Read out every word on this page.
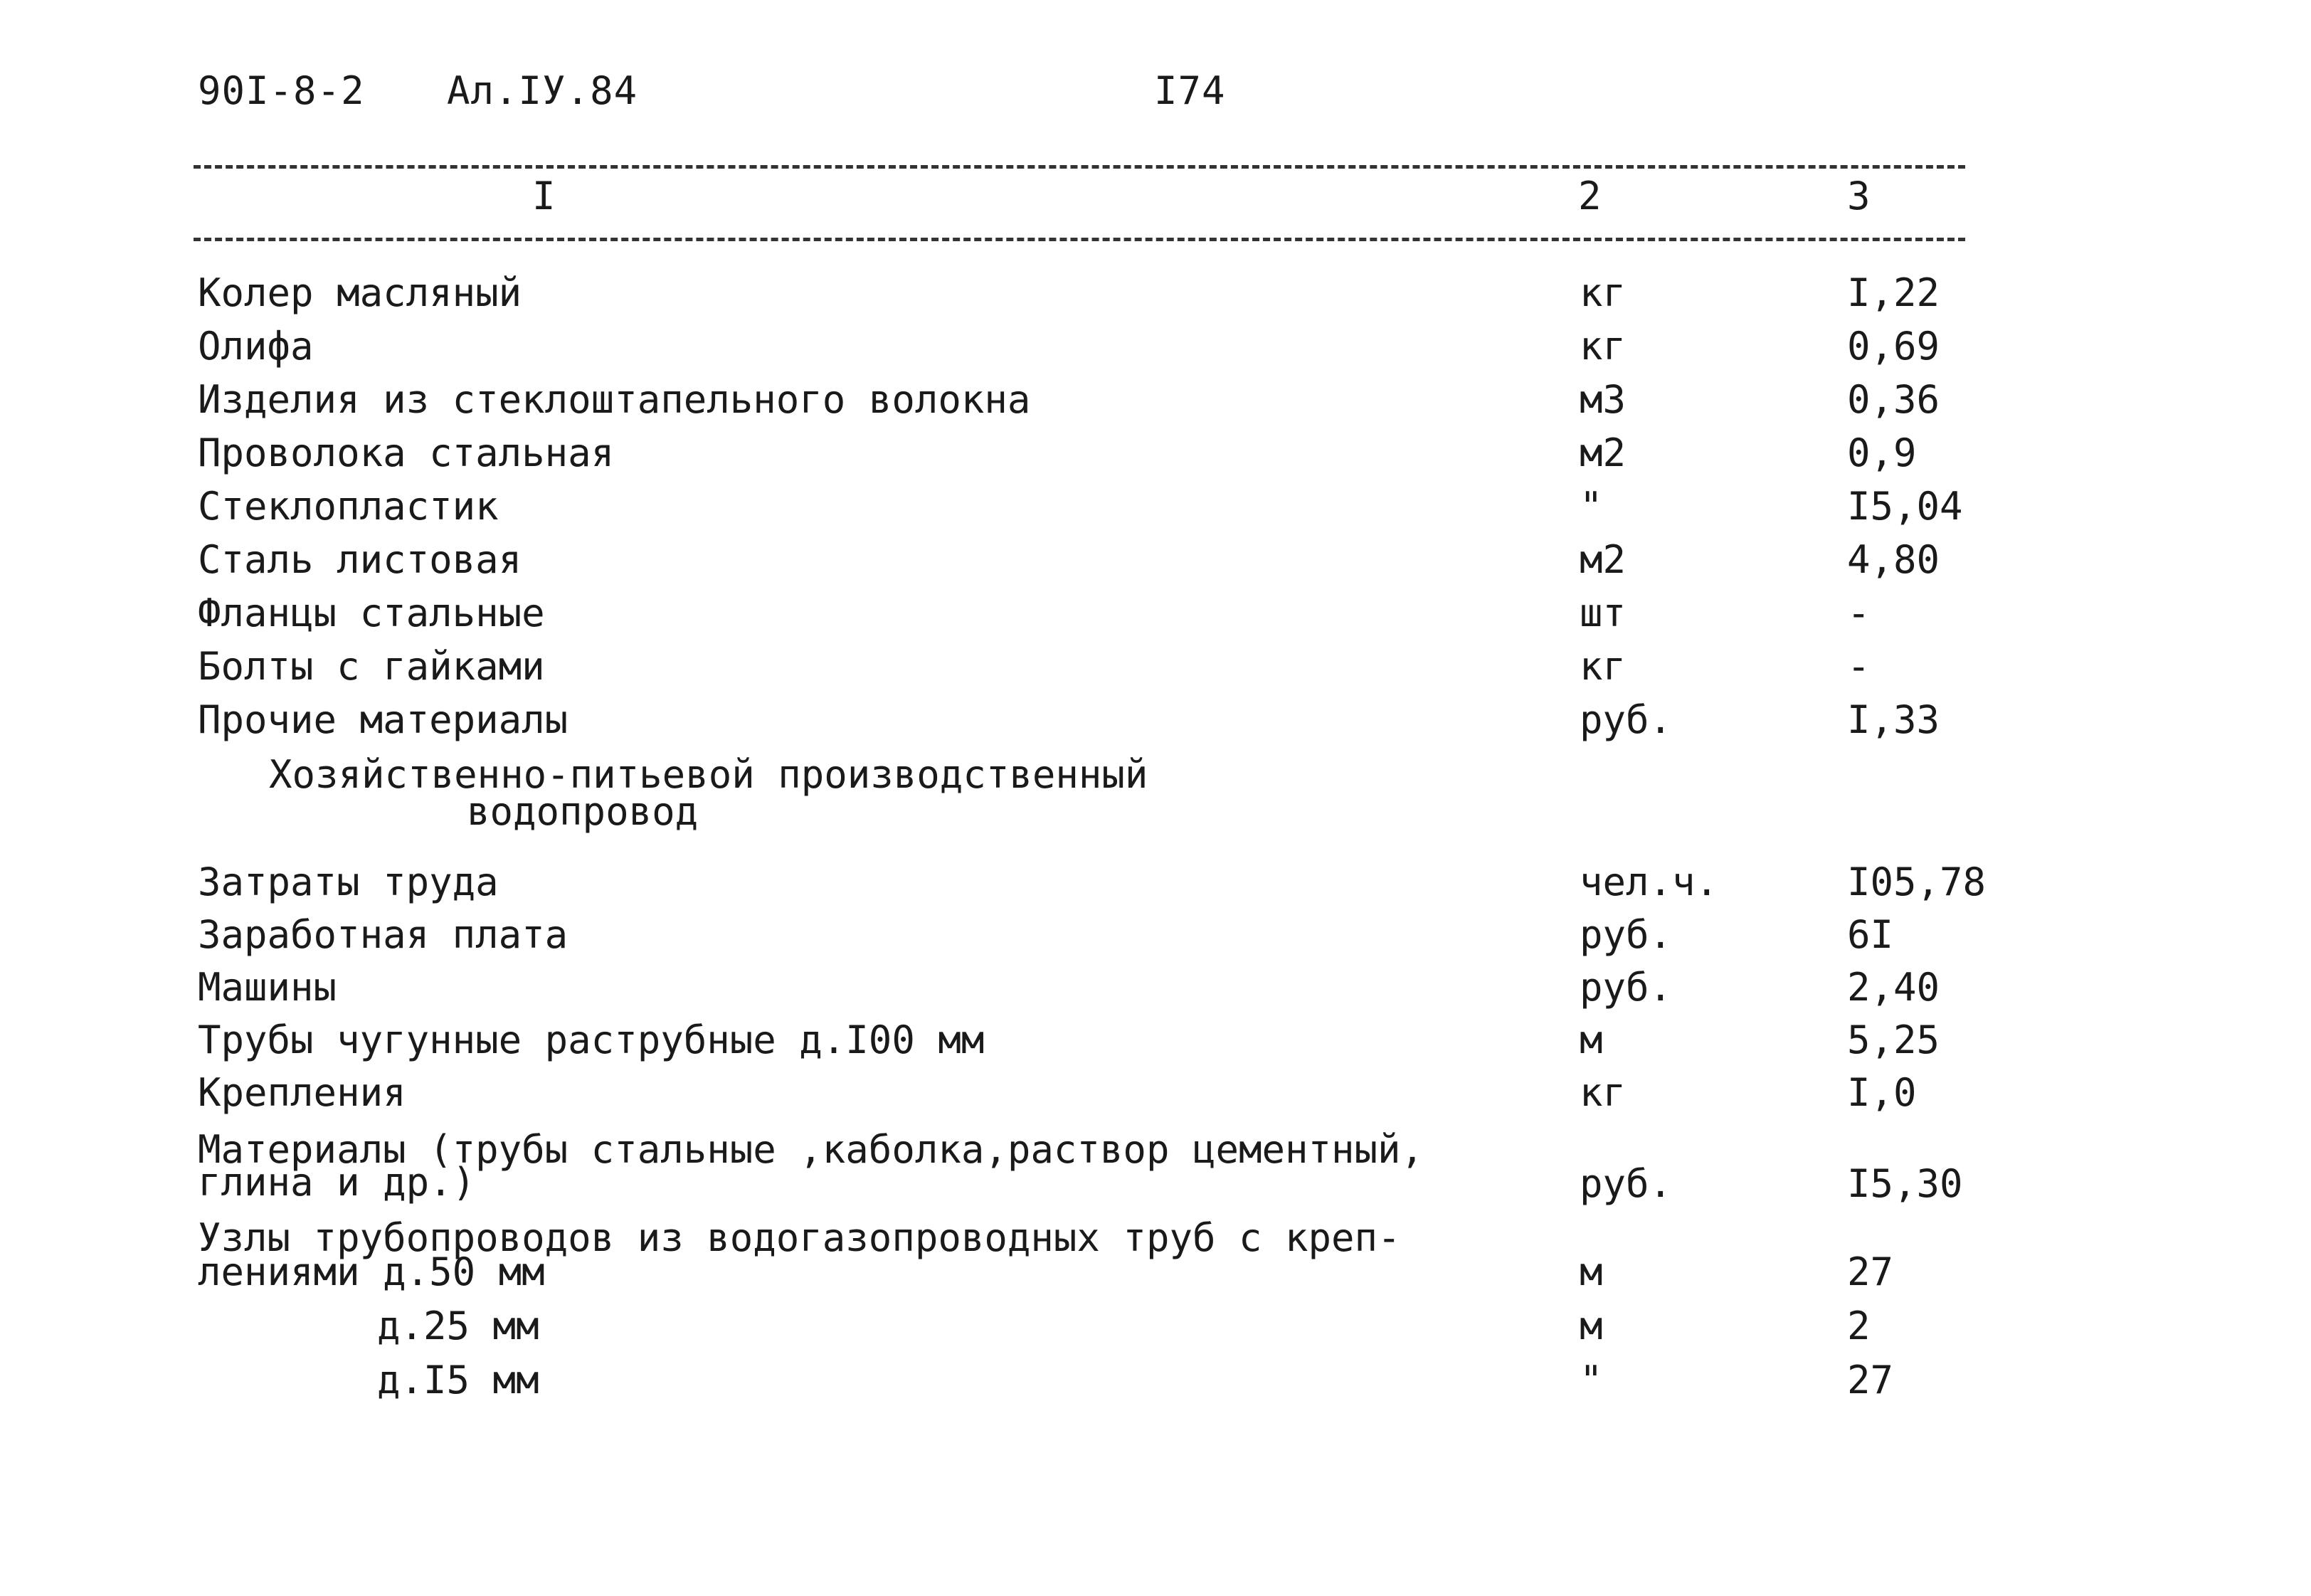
90I-8-2 Ал.IУ.84	I74
I	2	3
Колер масляный	кг	I,22
Олифа	кг	0,69
Изделия из стеклоштапельного волокна	м3	0,36
Проволока стальная	м2	0,9
Стеклопластик	"	I5,04
Сталь листовая	м2	4,80
Фланцы стальные	шт	-
Болты с гайками	кг	-
Прочие материалы	руб.	I,33
Хозяйственно-питьевой производственный
водопровод
Затраты труда	чел.ч.	I05,78
Заработная плата	руб.	6I
Машины	руб.	2,40
Трубы чугунные раструбные д.I00 мм	м	5,25
Крепления	кг	I,0
Материалы (трубы стальные ,каболка,раствор цементный,
глина и др.)	руб.	I5,30
Узлы трубопроводов из водогазопроводных труб с креп-
лениями д.50 мм	м	27
д.25 мм	м	2
д.I5 мм	"	27
